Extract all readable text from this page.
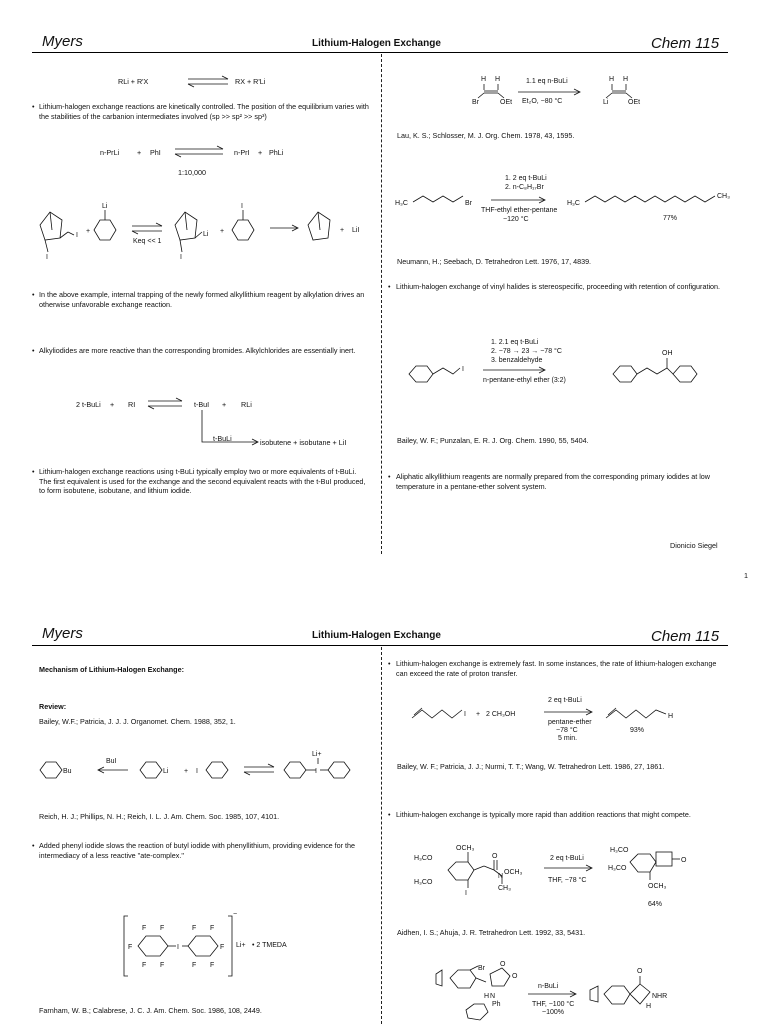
Myers	Lithium-Halogen Exchange	Chem 115
RLi + R'X ⇌ RX + R'Li
• Lithium-halogen exchange reactions are kinetically controlled. The position of the equilibrium varies with the stabilities of the carbanion intermediates involved (sp >> sp² >> sp³)
n-PrLi + PhI ⇌ n-PrI + PhLi
1:10,000
I
I
+
Li
Li
I
+
I
+ LiI
Keq << 1
• In the above example, internal trapping of the newly formed alkyllithium reagent by alkylation drives an otherwise unfavorable exchange reaction.
• Alkyliodides are more reactive than the corresponding bromides. Alkylchlorides are essentially inert.
2 t-BuLi + RI ⇌ t-BuI + RLi
t-BuLi	isobutene + isobutane + LiI
• Lithium-halogen exchange reactions using t-BuLi typically employ two or more equivalents of t-BuLi. The first equivalent is used for the exchange and the second equivalent reacts with the t-BuI produced, to form isobutene, isobutane, and lithium iodide.
H H
Br	OEt
H H
Li	OEt
1.1 eq n-BuLi
Et₂O, −80 °C
Lau, K. S.; Schlosser, M. J. Org. Chem. 1978, 43, 1595.
H₃C	Br	H₃C
CH₃
1. 2 eq t-BuLi
2. n-C₈H₁₇Br
THF-ethyl ether-pentane
−120 °C	77%
Neumann, H.; Seebach, D. Tetrahedron Lett. 1976, 17, 4839.
• Lithium-halogen exchange of vinyl halides is stereospecific, proceeding with retention of configuration.
I
OH
1. 2.1 eq t-BuLi
2. −78 → 23 → −78 °C
3. benzaldehyde
n-pentane-ethyl ether (3:2)
Bailey, W. F.; Punzalan, E. R. J. Org. Chem. 1990, 55, 5404.
• Aliphatic alkyllithium reagents are normally prepared from the corresponding primary iodides at low temperature in a pentane-ether solvent system.
Dionicio Siegel
1
Myers	Lithium-Halogen Exchange	Chem 115
Mechanism of Lithium-Halogen Exchange:
Review:
Bailey, W.F.; Patricia, J. J. J. Organomet. Chem. 1988, 352, 1.
Bu
BuI
Li + I	I
Li+
Reich, H. J.; Phillips, N. H.; Reich, I. L. J. Am. Chem. Soc. 1985, 107, 4101.
• Added phenyl iodide slows the reaction of butyl iodide with phenyllithium, providing evidence for the intermediacy of a less reactive "ate-complex."
I
F F
F
F F
F F
F
F F
Li+ • 2 TMEDA
−
Farnham, W. B.; Calabrese, J. C. J. Am. Chem. Soc. 1986, 108, 2449.
• Lithium-halogen exchange is extremely fast. In some instances, the rate of lithium-halogen exchange can exceed the rate of proton transfer.
I + 2 CH₃OH
2 eq t-BuLi
pentane-ether
−78 °C
5 min.
H
93%
Bailey, W. F.; Patricia, J. J.; Nurmi, T. T.; Wang, W. Tetrahedron Lett. 1986, 27, 1861.
• Lithium-halogen exchange is typically more rapid than addition reactions that might compete.
OCH₃
H₃CO
H₃CO
O
OCH₃
N
CH₃
I
2 eq t-BuLi
THF, −78 °C
H₃CO
H₃CO
OCH₃
O
64%
Aidhen, I. S.; Ahuja, J. R. Tetrahedron Lett. 1992, 33, 5431.
Br
O
O
H N
Ph
n-BuLi
THF, −100 °C
~100%
O
NHR
H
